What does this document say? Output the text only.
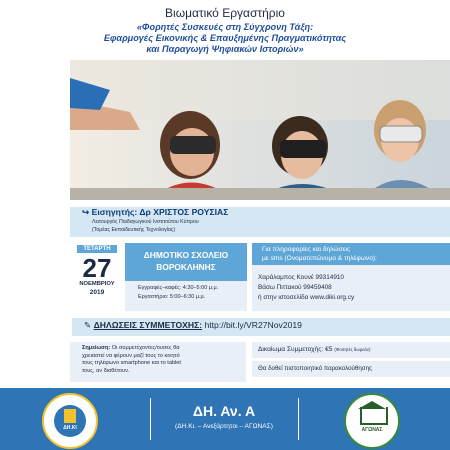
Βιωματικό Εργαστήριο
«Φορητές Συσκευές στη Σύγχρονη Τάξη:
Εφαρμογές Εικονικής & Επαυξημένης Πραγματικότητας
και Παραγωγή Ψηφιακών Ιστοριών»
↪ Εισηγητής: Δρ ΧΡΙΣΤΟΣ ΡΟΥΣΙΑΣ
Λειτουργός Παιδαγωγικού Ινστιτούτου Κύπρου
(Τομέας Εκπαιδευτικής Τεχνολογίας)
ΤΕΤΑΡΤΗ
27
ΝΟΕΜΒΡΙΟΥ
2019
ΔΗΜΟΤΙΚΟ ΣΧΟΛΕΙΟ
ΒΟΡΟΚΛΗΝΗΣ
Εγγραφές–καφές: 4:30–5:00 μ.μ.
Εργαστήριο: 5:00–6:30 μ.μ.
Για πληροφορίες και δηλώσεις
με sms (Ονοματεπώνυμο & τηλέφωνο):
Χαράλαμπος Κουνέ 99314910
Βάσω Πιττακού 99459408
ή στην ιστοσελίδα www.diki.org.cy
✎ ΔΗΛΩΣΕΙΣ ΣΥΜΜΕΤΟΧΗΣ: http://bit.ly/VR27Nov2019
Σημείωση: Οι συμμετέχοντες/ουσες θα
χρειαστεί να φέρουν μαζί τους το κινητό
τους τηλέφωνο smartphone και το tablet
τους, αν διαθέτουν.
Δικαίωμα Συμμετοχής: €5 (Φοιτητές δωρεάν)
Θα δοθεί πιστοποιητικό παρακολούθησης
ΔΗ.ΚΙ
ΔΗ. Αν. Α
(ΔΗ.Κι. – Ανεξάρτητοι – ΑΓΩΝΑΣ)	ΑΓΩΝΑΣ
